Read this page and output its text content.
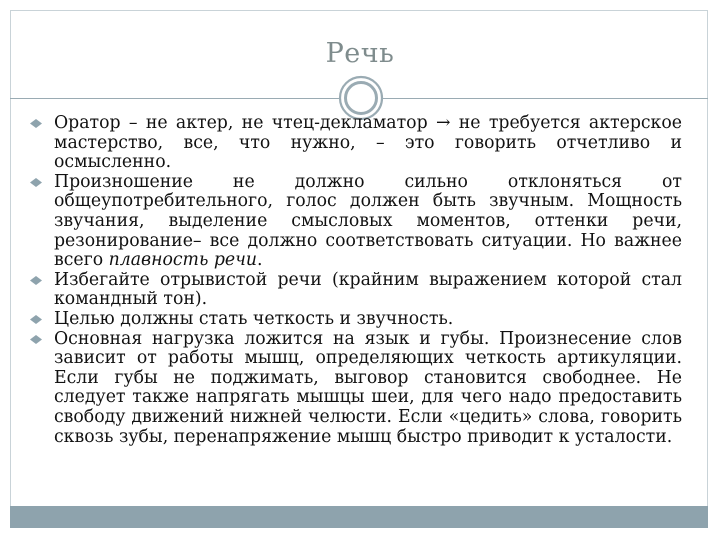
Речь
Оратор – не актер, не чтец-декламатор → не требуется актерское мастерство, все, что нужно, – это говорить отчетливо и осмысленно.
Произношение не должно сильно отклоняться от общеупотребительного, голос должен быть звучным. Мощность звучания, выделение смысловых моментов, оттенки речи, резонирование– все должно соответствовать ситуации. Но важнее всего плавность речи.
Избегайте отрывистой речи (крайним выражением которой стал командный тон).
Целью должны стать четкость и звучность.
Основная нагрузка ложится на язык и губы. Произнесение слов зависит от работы мышц, определяющих четкость артикуляции. Если губы не поджимать, выговор становится свободнее. Не следует также напрягать мышцы шеи, для чего надо предоставить свободу движений нижней челюсти. Если «цедить» слова, говорить сквозь зубы, перенапряжение мышц быстро приводит к усталости.
